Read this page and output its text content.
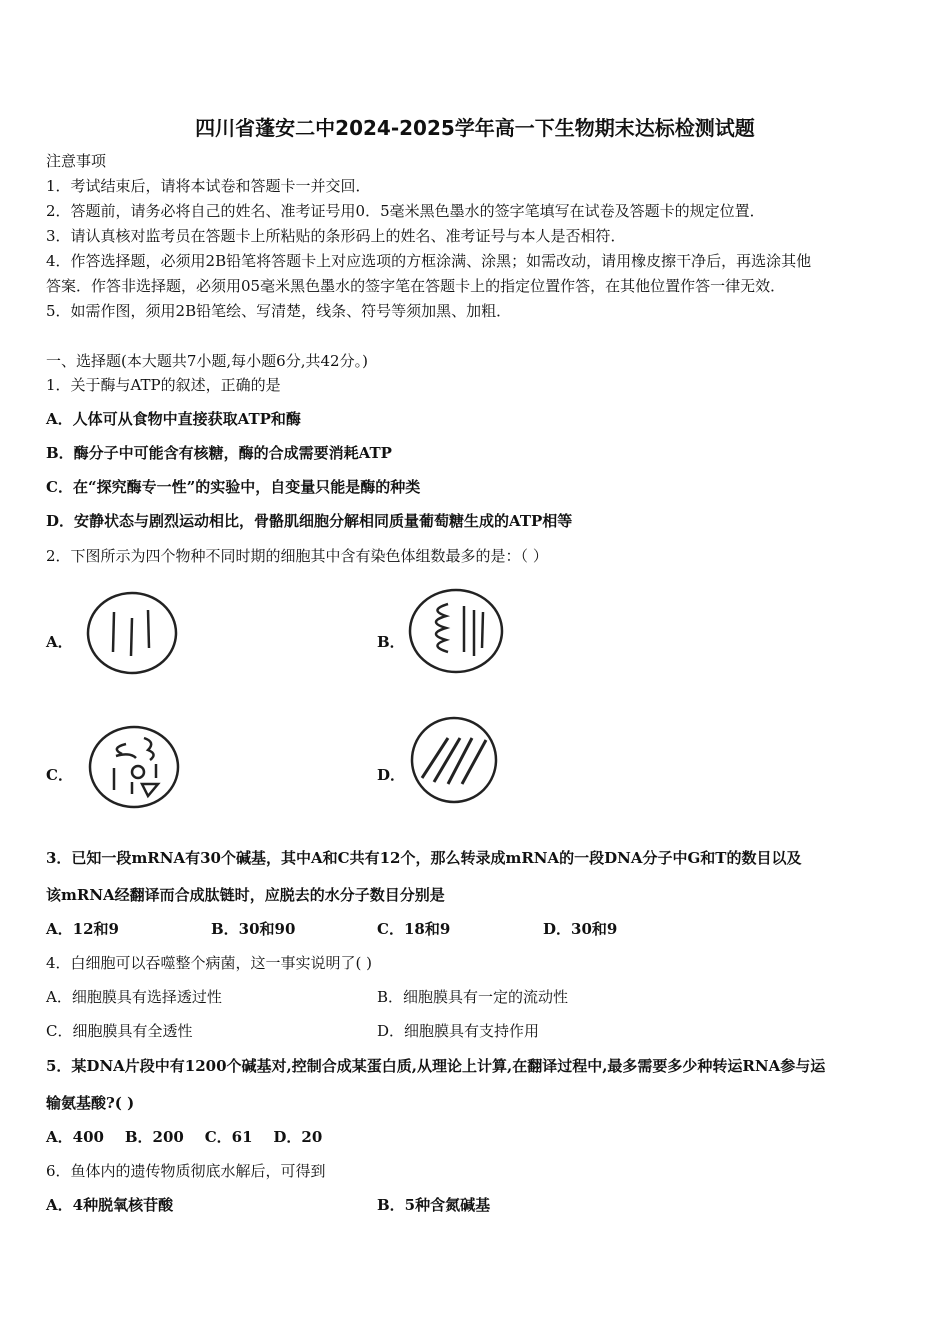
四川省蓬安二中2024-2025学年高一下生物期末达标检测试题
注意事项
1．考试结束后，请将本试卷和答题卡一并交回．
2．答题前，请务必将自己的姓名、准考证号用0．5毫米黑色墨水的签字笔填写在试卷及答题卡的规定位置．
3．请认真核对监考员在答题卡上所粘贴的条形码上的姓名、准考证号与本人是否相符．
4．作答选择题，必须用2B铅笔将答题卡上对应选项的方框涂满、涂黑；如需改动，请用橡皮擦干净后，再选涂其他
答案．作答非选择题，必须用05毫米黑色墨水的签字笔在答题卡上的指定位置作答，在其他位置作答一律无效．
5．如需作图，须用2B铅笔绘、写清楚，线条、符号等须加黑、加粗．
一、选择题(本大题共7小题,每小题6分,共42分。)
1．关于酶与ATP的叙述，正确的是
A．人体可从食物中直接获取ATP和酶
B．酶分子中可能含有核糖，酶的合成需要消耗ATP
C．在“探究酶专一性”的实验中，自变量只能是酶的种类
D．安静状态与剧烈运动相比，骨骼肌细胞分解相同质量葡萄糖生成的ATP相等
2．下图所示为四个物种不同时期的细胞其中含有染色体组数最多的是：（ ）
A．	B．
C．	D．
3．已知一段mRNA有30个碱基，其中A和C共有12个，那么转录成mRNA的一段DNA分子中G和T的数目以及
该mRNA经翻译而合成肽链时，应脱去的水分子数目分别是
A．12和9	B．30和90	C．18和9	D．30和9
4．白细胞可以吞噬整个病菌，这一事实说明了( )
A．细胞膜具有选择透过性	B．细胞膜具有一定的流动性
C．细胞膜具有全透性	D．细胞膜具有支持作用
5．某DNA片段中有1200个碱基对,控制合成某蛋白质,从理论上计算,在翻译过程中,最多需要多少种转运RNA参与运
输氨基酸?( )
A．400    B．200    C．61    D．20
6．鱼体内的遗传物质彻底水解后，可得到
A．4种脱氧核苷酸	B．5种含氮碱基
